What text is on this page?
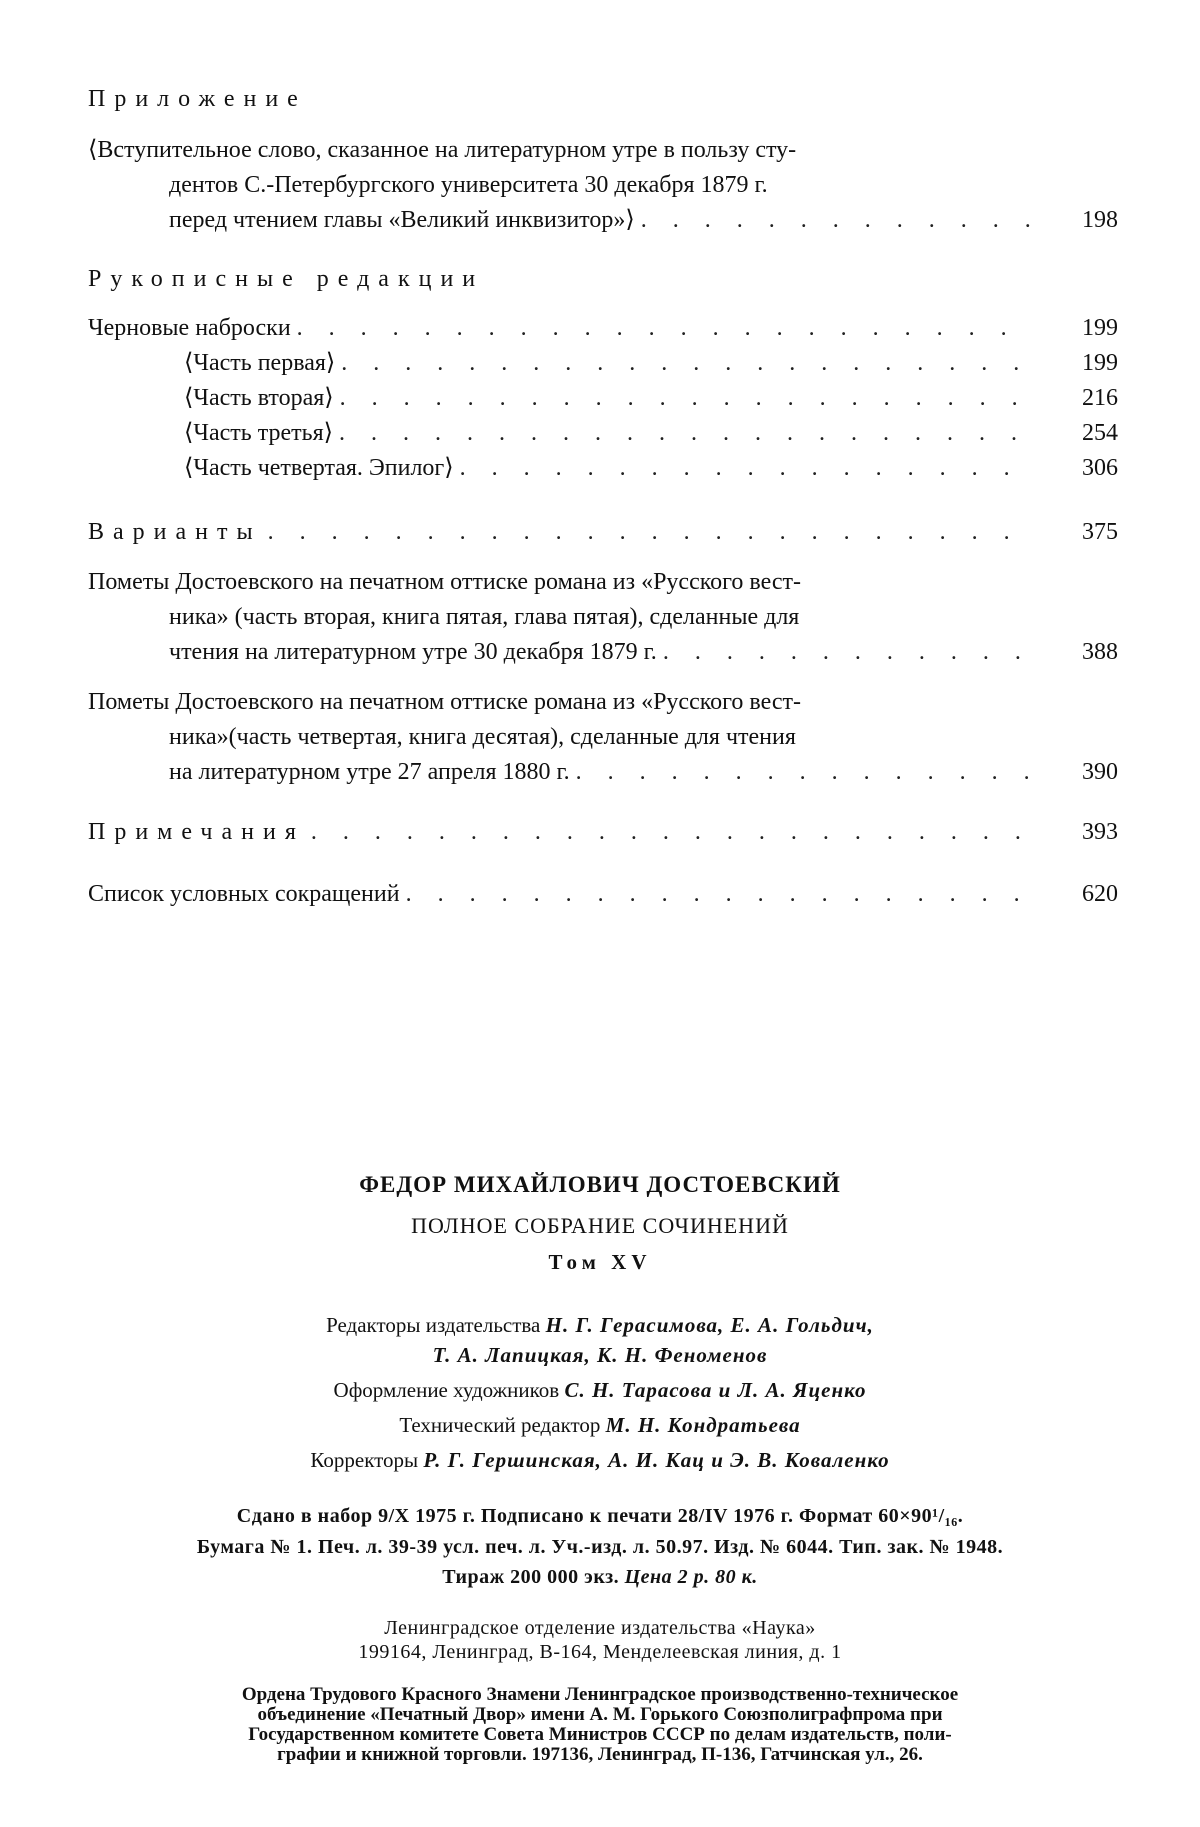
Приложение
⟨Вступительное слово, сказанное на литературном утре в пользу сту-
дентов С.-Петербургского университета 30 декабря 1879 г.
перед чтением главы «Великий инквизитор»⟩ . . .	198
Рукописные редакции
Черновые наброски . . .	199
⟨Часть первая⟩ . . .	199
⟨Часть вторая⟩ . . .	216
⟨Часть третья⟩ . . .	254
⟨Часть четвертая. Эпилог⟩ . . .	306
Варианты . . .	375
Пометы Достоевского на печатном оттиске романа из «Русского вест-
ника» (часть вторая, книга пятая, глава пятая), сделанные для
чтения на литературном утре 30 декабря 1879 г. . . .	388
Пометы Достоевского на печатном оттиске романа из «Русского вест-
ника»(часть четвертая, книга десятая), сделанные для чтения
на литературном утре 27 апреля 1880 г. . . .	390
Примечания . . .	393
Список условных сокращений . . .	620
ФЕДОР МИХАЙЛОВИЧ ДОСТОЕВСКИЙ
ПОЛНОЕ СОБРАНИЕ СОЧИНЕНИЙ
Том XV
Редакторы издательства Н. Г. Герасимова, Е. А. Гольдич,
Т. А. Лапицкая, К. Н. Феноменов
Оформление художников С. Н. Тарасова и Л. А. Яценко
Технический редактор М. Н. Кондратьева
Корректоры Р. Г. Гершинская, А. И. Кац и Э. В. Коваленко
Сдано в набор 9/X 1975 г. Подписано к печати 28/IV 1976 г. Формат 60×90¹/₁₆.
Бумага № 1. Печ. л. 39-39 усл. печ. л. Уч.-изд. л. 50.97. Изд. № 6044. Тип. зак. № 1948.
Тираж 200 000 экз. Цена 2 р. 80 к.
Ленинградское отделение издательства «Наука»
199164, Ленинград, В-164, Менделеевская линия, д. 1
Ордена Трудового Красного Знамени Ленинградское производственно-техническое
объединение «Печатный Двор» имени А. М. Горького Союзполиграфпрома при
Государственном комитете Совета Министров СССР по делам издательств, поли-
графии и книжной торговли. 197136, Ленинград, П-136, Гатчинская ул., 26.
